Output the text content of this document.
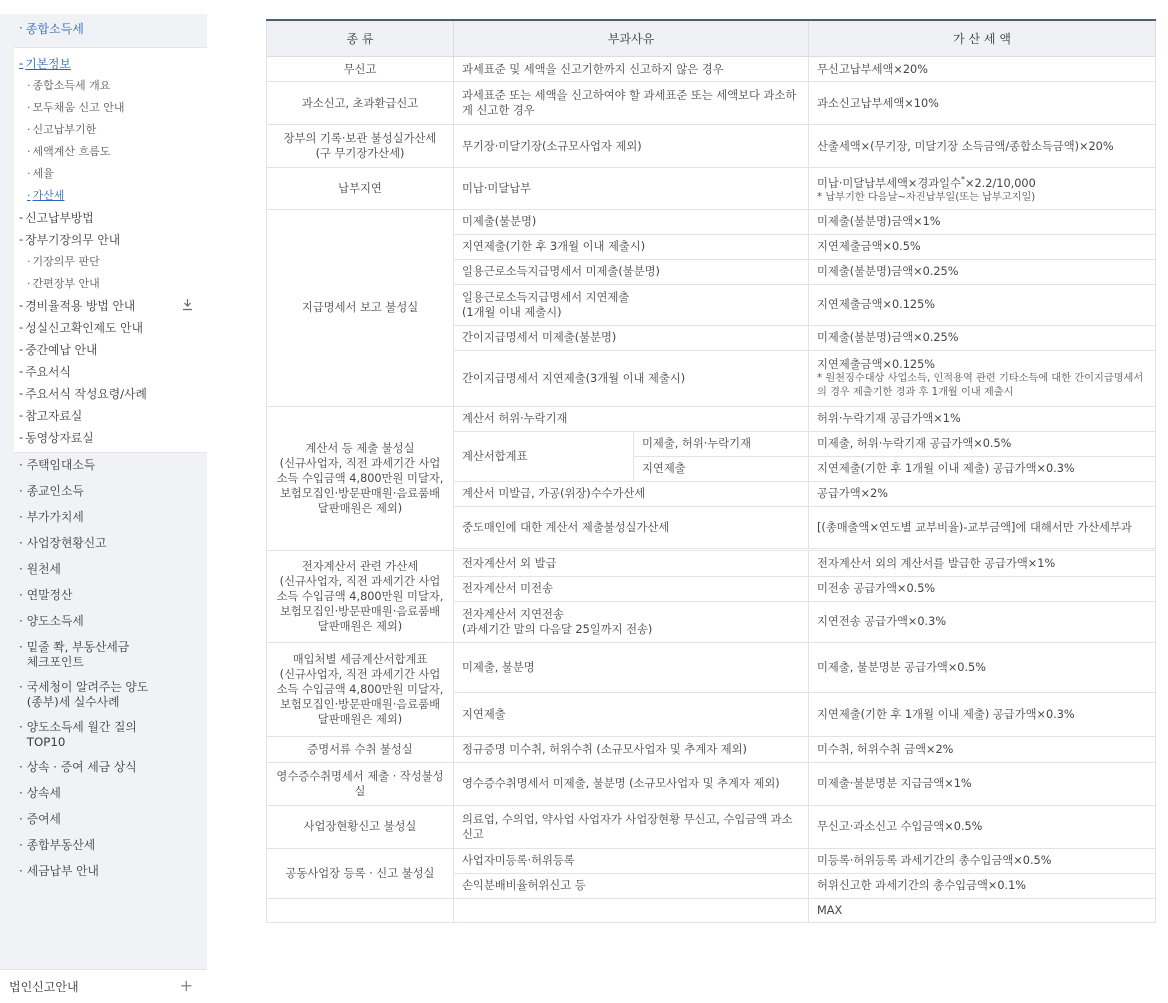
· 종합소득세
- 기본정보
· 종합소득세 개요
· 모두채움 신고 안내
· 신고납부기한
· 세액계산 흐름도
· 세율
· 가산세
- 신고납부방법
- 장부기장의무 안내
· 기장의무 판단
· 간편장부 안내
- 경비율적용 방법 안내
- 성실신고확인제도 안내
- 중간예납 안내
- 주요서식
- 주요서식 작성요령/사례
- 참고자료실
- 동영상자료실
· 주택임대소득
· 종교인소득
· 부가가치세
· 사업장현황신고
· 원천세
· 연말정산
· 양도소득세
· 밑줄 쫙, 부동산세금
체크포인트
· 국세청이 알려주는 양도
(종부)세 실수사례
· 양도소득세 월간 질의
TOP10
· 상속 · 증여 세금 상식
· 상속세
· 증여세
· 종합부동산세
· 세금납부 안내
법인신고안내	+
종 류	부과사유		가 산 세 액
무신고	과세표준 및 세액을 신고기한까지 신고하지 않은 경우		무신고납부세액×20%
과소신고, 초과환급신고	과세표준 또는 세액을 신고하여야 할 과세표준 또는 세액보다 과소하게 신고한 경우		과소신고납부세액×10%

장부의 기록·보관 불성실가산세
(구 무기장가산세)	무기장·미달기장(소규모사업자 제외)		산출세액×(무기장, 미달기장 소득금액/종합소득금액)×20%
납부지연	미납·미달납부		미납·미달납부세액×경과일수*×2.2/10,000
* 납부기한 다음날~자진납부일(또는 납부고지일)

지급명세서 보고 불성실	미제출(불분명)		미제출(불분명)금액×1%
	지연제출(기한 후 3개월 이내 제출시)		지연제출금액×0.5%
	일용근로소득지급명세서 미제출(불분명)		미제출(불분명)금액×0.25%

	일용근로소득지급명세서 지연제출
(1개월 이내 제출시)		지연제출금액×0.125%
	간이지급명세서 미제출(불분명)		미제출(불분명)금액×0.25%
	간이지급명세서 지연제출(3개월 이내 제출시)		지연제출금액×0.125%
* 원천징수대상 사업소득, 인적용역 관련 기타소득에 대한 간이지급명세서의 경우 제출기한 경과 후 1개월 이내 제출시

계산서 등 제출 불성실
(신규사업자, 직전 과세기간 사업소득 수입금액 4,800만원 미달자, 보험모집인·방문판매원·음료품배달판매원은 제외)	계산서 허위·누락기재		허위·누락기재 공급가액×1%
	계산서합계표	미제출, 허위·누락기재	미제출, 허위·누락기재 공급가액×0.5%
		지연제출	지연제출(기한 후 1개월 이내 제출) 공급가액×0.3%
	계산서 미발급, 가공(위장)수수가산세		공급가액×2%
	중도매인에 대한 계산서 제출불성실가산세		[(총매출액×연도별 교부비율)-교부금액]에 대해서만 가산세부과

전자계산서 관련 가산세
(신규사업자, 직전 과세기간 사업소득 수입금액 4,800만원 미달자, 보험모집인·방문판매원·음료품배달판매원은 제외)	전자계산서 외 발급		전자계산서 외의 계산서를 발급한 공급가액×1%
	전자계산서 미전송		미전송 공급가액×0.5%

	전자계산서 지연전송
(과세기간 말의 다음달 25일까지 전송)		지연전송 공급가액×0.3%

매입처별 세금계산서합계표
(신규사업자, 직전 과세기간 사업소득 수입금액 4,800만원 미달자, 보험모집인·방문판매원·음료품배달판매원은 제외)	미제출, 불분명		미제출, 불분명분 공급가액×0.5%
	지연제출		지연제출(기한 후 1개월 이내 제출) 공급가액×0.3%
증명서류 수취 불성실	정규증명 미수취, 허위수취 (소규모사업자 및 추계자 제외)		미수취, 허위수취 금액×2%
영수증수취명세서 제출 · 작성불성실	영수증수취명세서 미제출, 불분명 (소규모사업자 및 추계자 제외)		미제출·불분명분 지급금액×1%
사업장현황신고 불성실	의료업, 수의업, 약사업 사업자가 사업장현황 무신고, 수입금액 과소신고		무신고·과소신고 수입금액×0.5%
공동사업장 등록 · 신고 불성실	사업자미등록·허위등록		미등록·허위등록 과세기간의 총수입금액×0.5%
	손익분배비율허위신고 등		허위신고한 과세기간의 총수입금액×0.1%
			MAX
